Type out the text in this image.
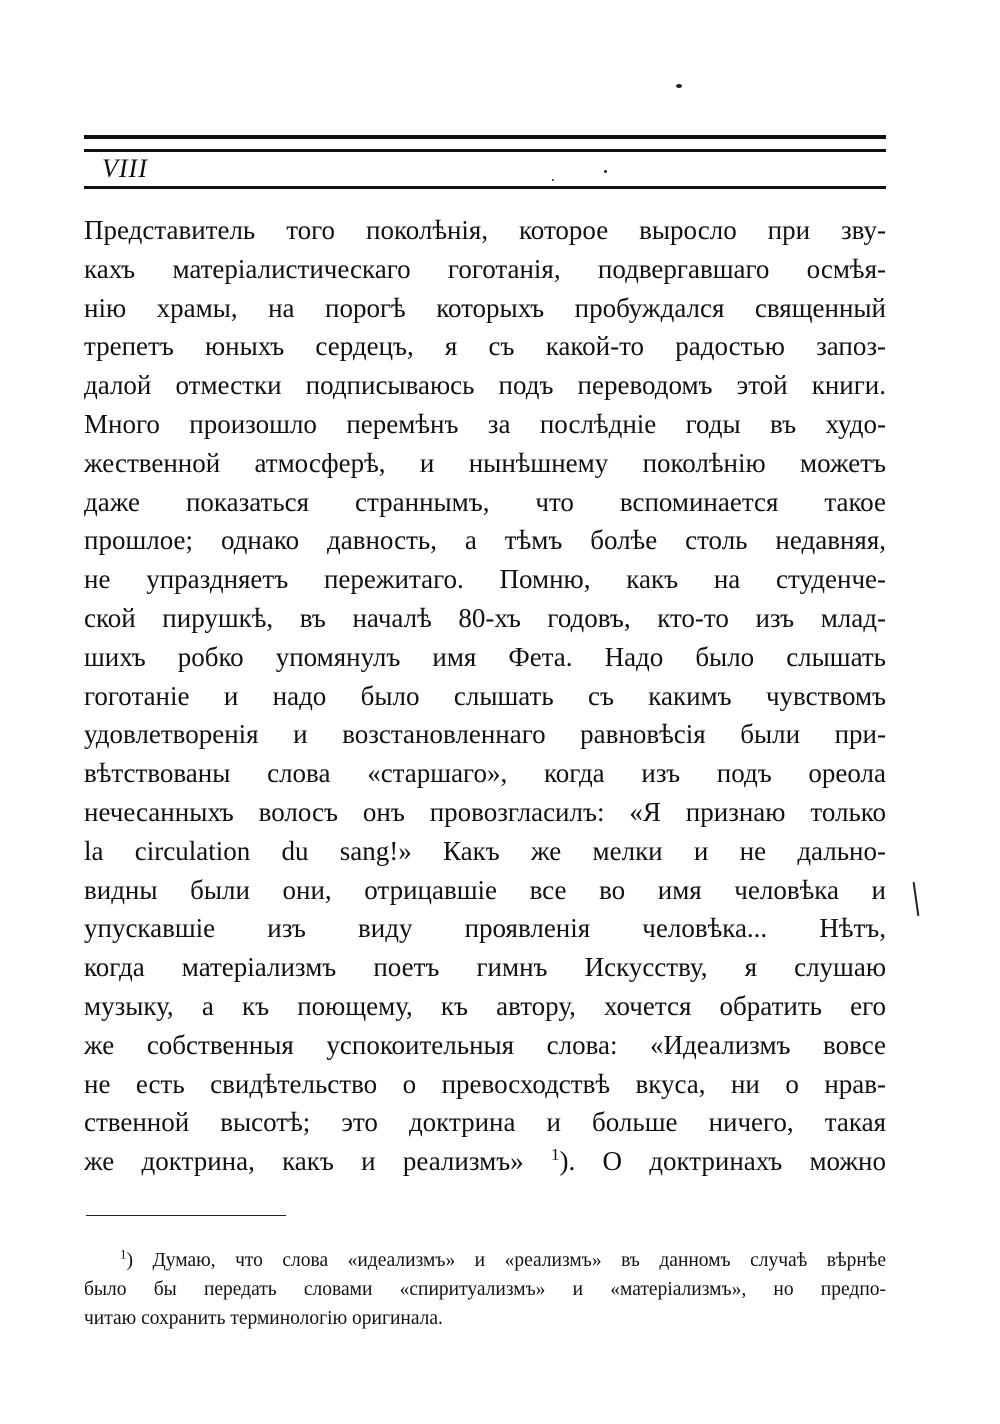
VIII
Представитель того поколѣнія, которое выросло при зву-
кахъ матеріалистическаго гоготанія, подвергавшаго осмѣя-
нію храмы, на порогѣ которыхъ пробуждался священный
трепетъ юныхъ сердецъ, я съ какой-то радостью запоз-
далой отместки подписываюсь подъ переводомъ этой книги.
Много произошло перемѣнъ за послѣдніе годы въ худо-
жественной атмосферѣ, и нынѣшнему поколѣнію можетъ
даже показаться страннымъ, что вспоминается такое
прошлое; однако давность, а тѣмъ болѣе столь недавняя,
не упраздняетъ пережитаго. Помню, какъ на студенче-
ской пирушкѣ, въ началѣ 80-хъ годовъ, кто-то изъ млад-
шихъ робко упомянулъ имя Фета. Надо было слышать
гоготаніе и надо было слышать съ какимъ чувствомъ
удовлетворенія и возстановленнаго равновѣсія были при-
вѣтствованы слова «старшаго», когда изъ подъ ореола
нечесанныхъ волосъ онъ провозгласилъ: «Я признаю только
la circulation du sang!» Какъ же мелки и не дально-
видны были они, отрицавшіе все во имя человѣка и
упускавшіе изъ виду проявленія человѣка... Нѣтъ,
когда матеріализмъ поетъ гимнъ Искусству, я слушаю
музыку, а къ поющему, къ автору, хочется обратить его
же собственныя успокоительныя слова: «Идеализмъ вовсе
не есть свидѣтельство о превосходствѣ вкуса, ни о нрав-
ственной высотѣ; это доктрина и больше ничего, такая
же доктрина, какъ и реализмъ» $^1$). О доктринахъ можно
$^1$) Думаю, что слова «идеализмъ» и «реализмъ» въ данномъ случаѣ вѣрнѣе
было бы передать словами «спиритуализмъ» и «матеріализмъ», но предпо-
читаю сохранить терминологію оригинала.
